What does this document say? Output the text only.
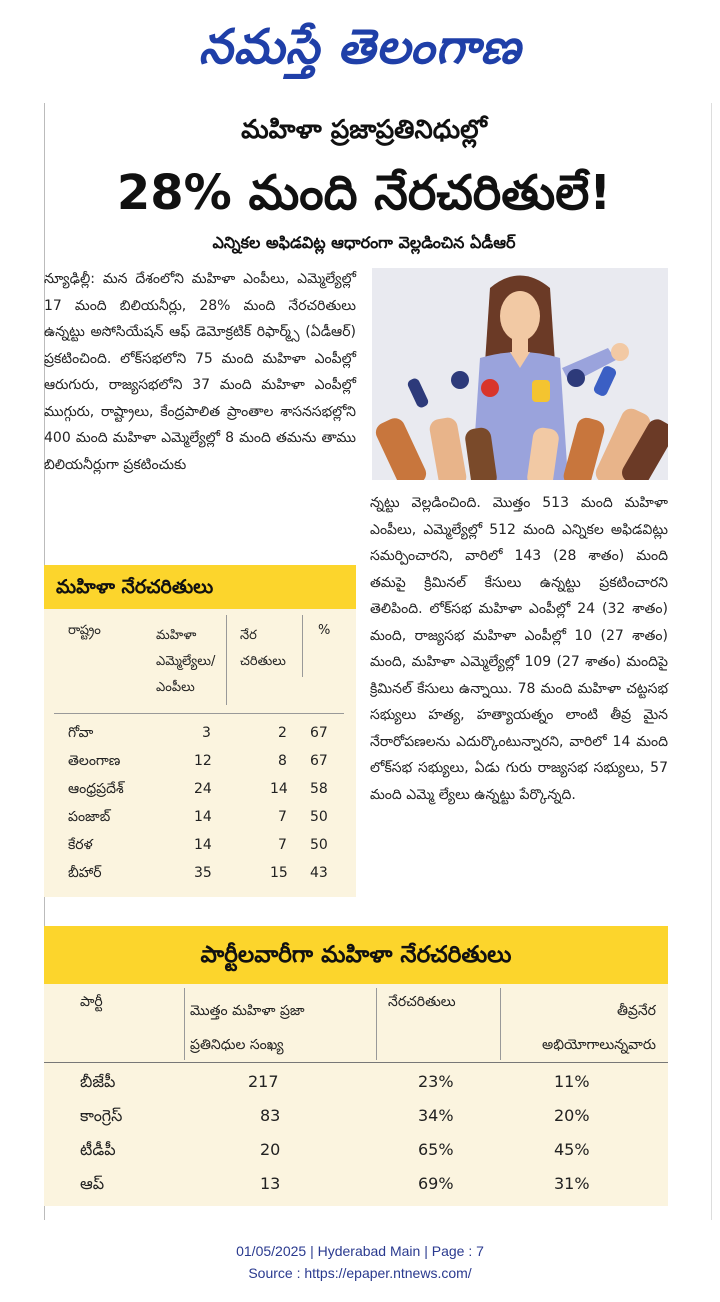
నమస్తే తెలంగాణ
మహిళా ప్రజాప్రతినిధుల్లో
28% మంది నేరచరితులే!
ఎన్నికల అఫిడవిట్ల ఆధారంగా వెల్లడించిన ఏడీఆర్
న్యూఢిల్లీ: మన దేశంలోని మహిళా ఎంపీలు, ఎమ్మెల్యేల్లో 17 మంది బిలియనీర్లు, 28% మంది నేరచరితులు ఉన్నట్టు అసోసియేషన్ ఆఫ్ డెమోక్రటిక్ రిఫార్మ్స్ (ఏడీఆర్) ప్రకటించింది. లోక్‌సభలోని 75 మంది మహిళా ఎంపీల్లో ఆరుగురు, రాజ్యసభలోని 37 మంది మహిళా ఎంపీల్లో ముగ్గురు, రాష్ట్రాలు, కేంద్రపాలిత ప్రాంతాల శాసనసభల్లోని 400 మంది మహిళా ఎమ్మెల్యేల్లో 8 మంది తమను తాము బిలియనీర్లుగా ప్రకటించుకు
న్నట్టు వెల్లడించింది. మొత్తం 513 మంది మహిళా ఎంపీలు, ఎమ్మెల్యేల్లో 512 మంది ఎన్నికల అఫిడవిట్లు సమర్పించారని, వారిలో 143 (28 శాతం) మంది తమపై క్రిమినల్ కేసులు ఉన్నట్టు ప్రకటించారని తెలిపింది. లోక్‌సభ మహిళా ఎంపీల్లో 24 (32 శాతం) మంది, రాజ్యసభ మహిళా ఎంపీల్లో 10 (27 శాతం) మంది, మహిళా ఎమ్మెల్యేల్లో 109 (27 శాతం) మందిపై క్రిమినల్ కేసులు ఉన్నాయి. 78 మంది మహిళా చట్టసభ సభ్యులు హత్య, హత్యాయత్నం లాంటి తీవ్ర మైన నేరారోపణలను ఎదుర్కొంటున్నారని, వారిలో 14 మంది లోక్‌సభ సభ్యులు, ఏడు గురు రాజ్యసభ సభ్యులు, 57 మంది ఎమ్మె ల్యేలు ఉన్నట్టు పేర్కొన్నది.
మహిళా నేరచరితులు
రాష్ట్రం	మహిళా ఎమ్మెల్యేలు/ ఎంపీలు
నేర చరితులు
%
గోవా	3	2 67
తెలంగాణ	12	8 67
ఆంధ్రప్రదేశ్	24	14 58
పంజాబ్	14	7 50
కేరళ	14	7 50
బీహార్	35	15 43
పార్టీలవారీగా మహిళా నేరచరితులు
పార్టీ
మొత్తం మహిళా ప్రజా ప్రతినిధుల సంఖ్య
నేరచరితులు
తీవ్రనేర అభియోగాలున్నవారు
బీజేపీ	217	23%	11%
కాంగ్రెస్	83	34%	20%
టీడీపీ	20	65%	45%
ఆప్	13	69%	31%
01/05/2025 | Hyderabad Main | Page : 7
Source : https://epaper.ntnews.com/
